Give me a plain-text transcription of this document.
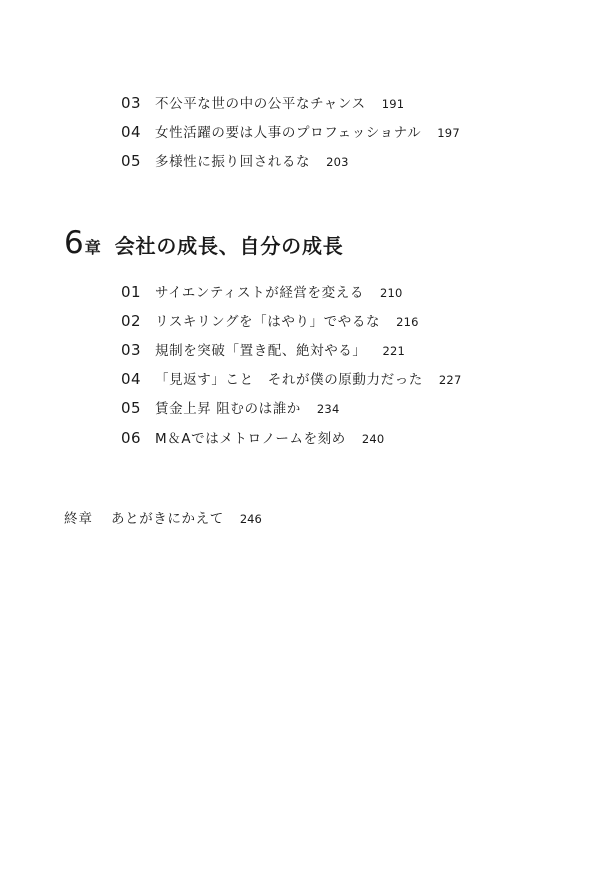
03	不公平な世の中の公平なチャンス 191
04	女性活躍の要は人事のプロフェッショナル 197
05	多様性に振り回されるな 203
6 章 会社の成長、自分の成長
01	サイエンティストが経営を変える 210
02	リスキリングを「はやり」でやるな 216
03	規制を突破「置き配、絶対やる」 221
04	「見返す」こと　それが僕の原動力だった 227
05	賃金上昇 阻むのは誰か 234
06	M＆Aではメトロノームを刻め 240
終章 あとがきにかえて 246
